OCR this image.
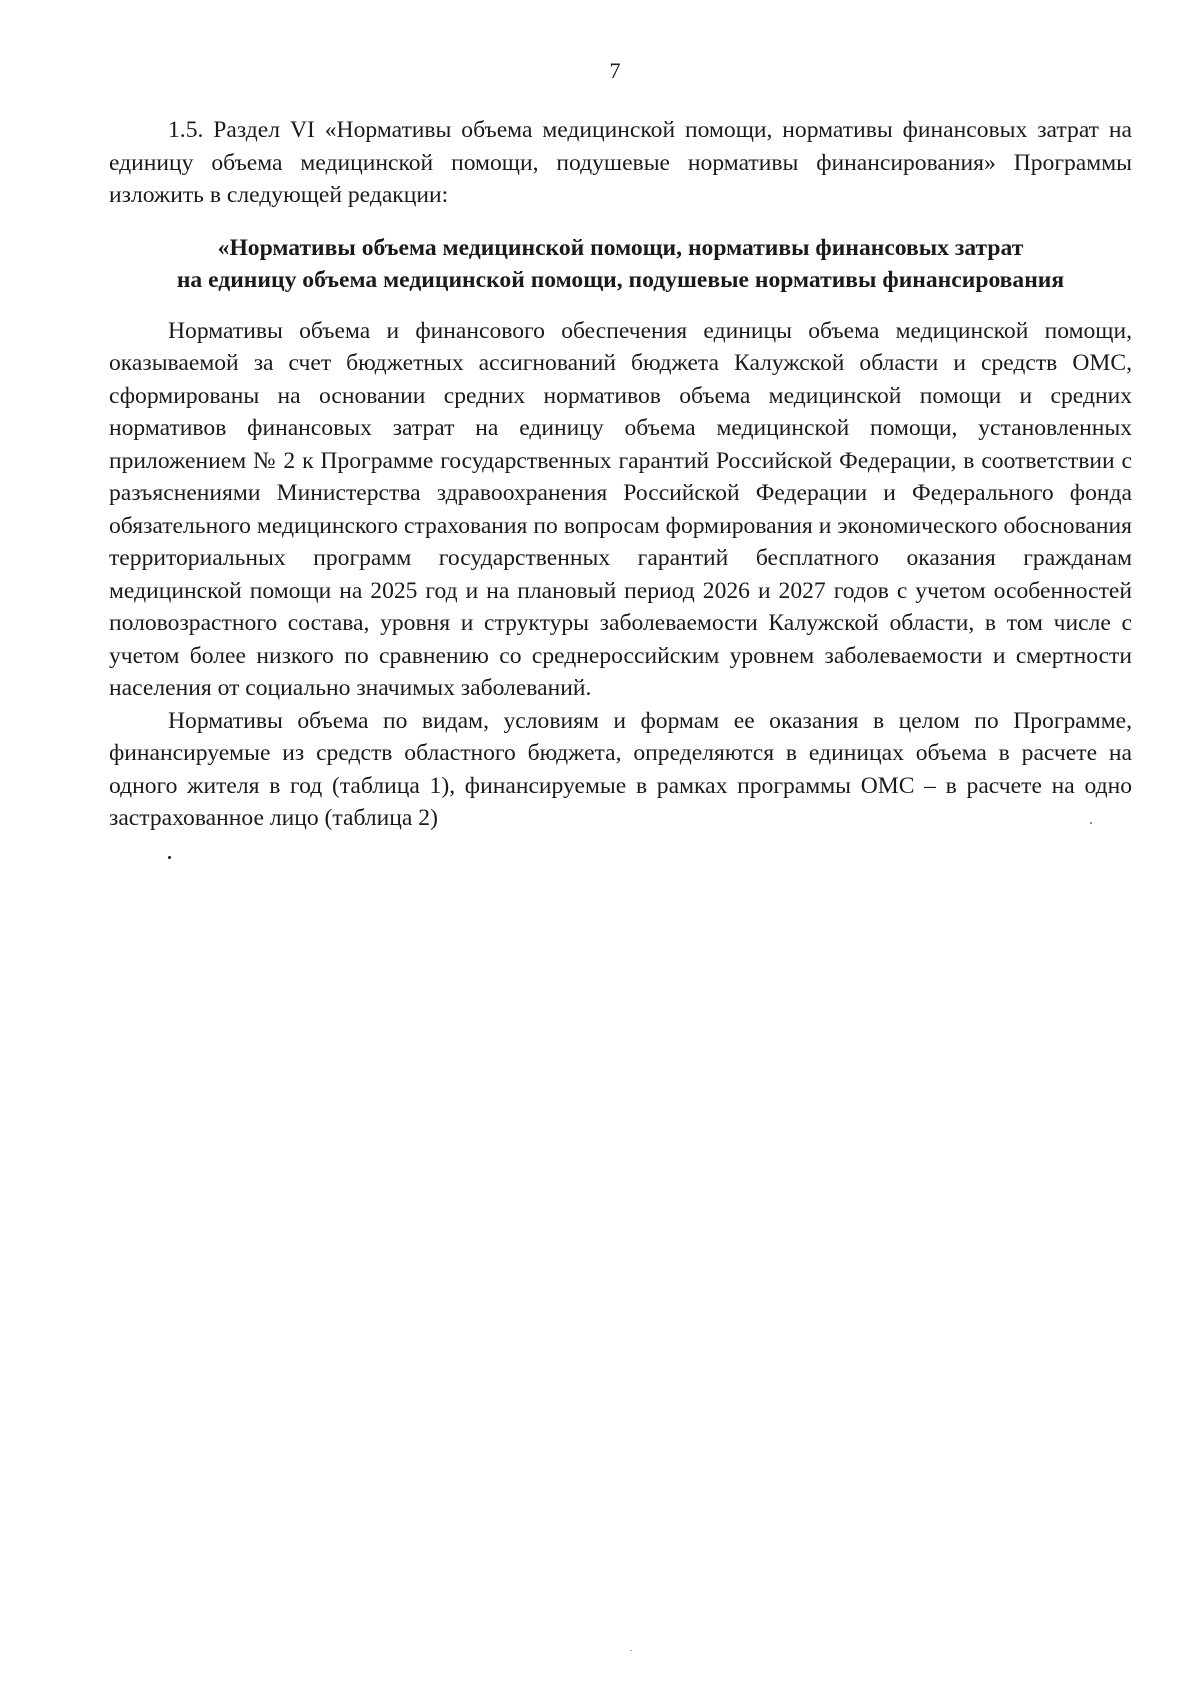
7

1.5. Раздел VI «Нормативы объема медицинской помощи, нормативы финансовых затрат на единицу объема медицинской помощи, подушевые нормативы финансирования» Программы изложить в следующей редакции:

«Нормативы объема медицинской помощи, нормативы финансовых затрат
на единицу объема медицинской помощи, подушевые нормативы финансирования

Нормативы объема и финансового обеспечения единицы объема медицинской помощи, оказываемой за счет бюджетных ассигнований бюджета Калужской области и средств ОМС, сформированы на основании средних нормативов объема медицинской помощи и средних нормативов финансовых затрат на единицу объема медицинской помощи, установленных приложением № 2 к Программе государственных гарантий Российской Федерации, в соответствии с разъяснениями Министерства здравоохранения Российской Федерации и Федерального фонда обязательного медицинского страхования по вопросам формирования и экономического обоснования территориальных программ государственных гарантий бесплатного оказания гражданам медицинской помощи на 2025 год и на плановый период 2026 и 2027 годов с учетом особенностей половозрастного состава, уровня и структуры заболеваемости Калужской области, в том числе с учетом более низкого по сравнению со среднероссийским уровнем заболеваемости и смертности населения от социально значимых заболеваний.

Нормативы объема по видам, условиям и формам ее оказания в целом по Программе, финансируемые из средств областного бюджета, определяются в единицах объема в расчете на одного жителя в год (таблица 1), финансируемые в рамках программы ОМС – в расчете на одно застрахованное лицо (таблица 2)
